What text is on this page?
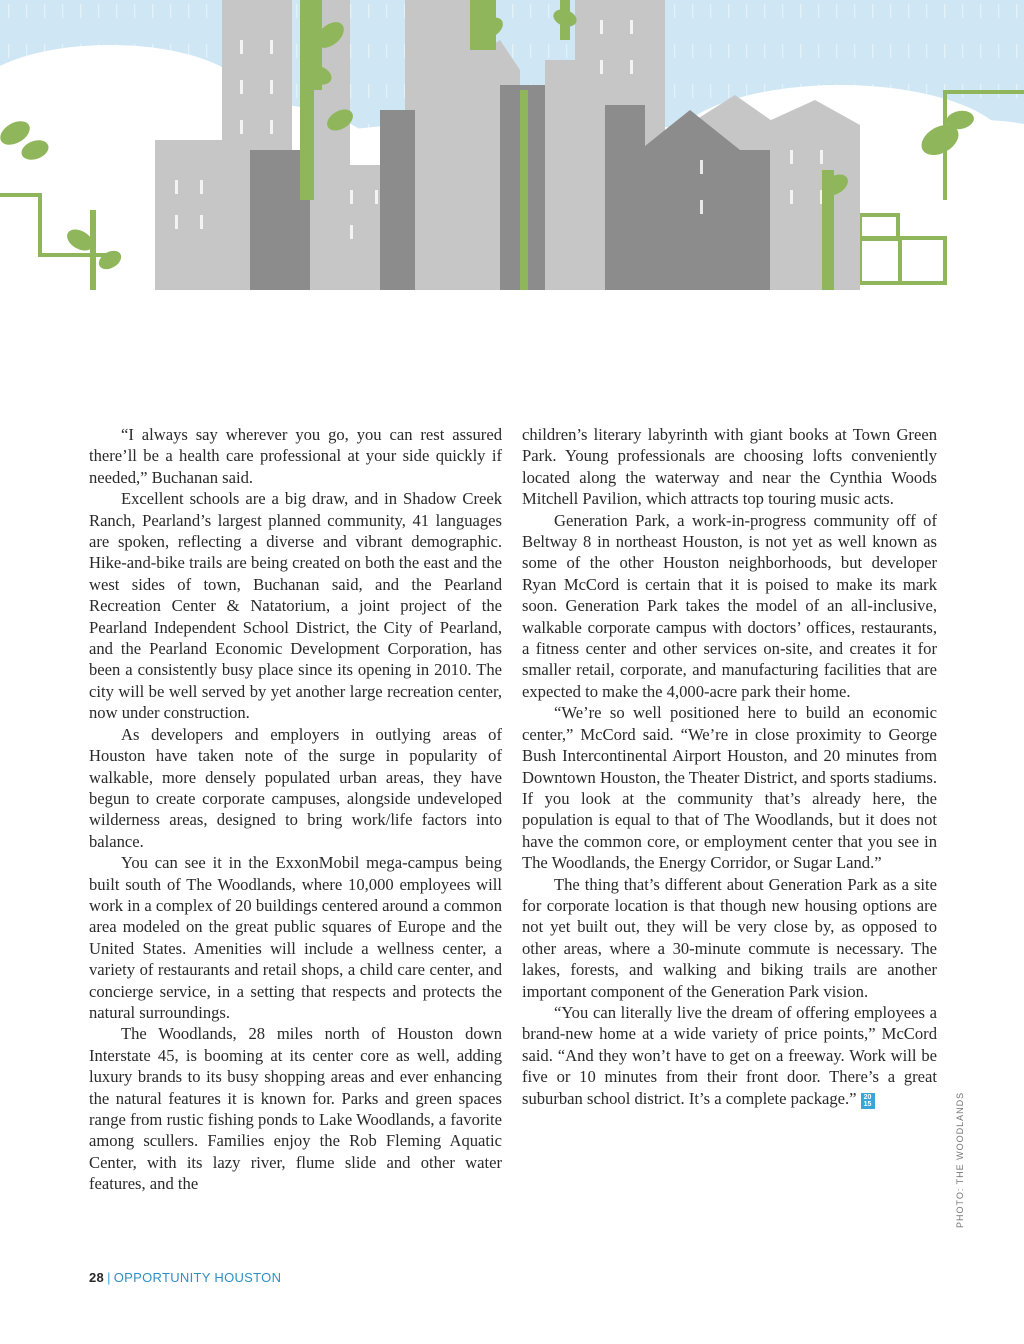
“I always say wherever you go, you can rest assured there’ll be a health care professional at your side quickly if needed,” Buchanan said.

Excellent schools are a big draw, and in Shadow Creek Ranch, Pearland’s largest planned community, 41 languages are spoken, reflecting a diverse and vibrant demographic. Hike-and-bike trails are being created on both the east and the west sides of town, Buchanan said, and the Pearland Recreation Center & Natatorium, a joint project of the Pearland Independent School District, the City of Pearland, and the Pearland Economic Development Corporation, has been a consistently busy place since its opening in 2010. The city will be well served by yet another large recreation center, now under construction.

As developers and employers in outlying areas of Houston have taken note of the surge in popularity of walkable, more densely populated urban areas, they have begun to create corporate campuses, alongside undeveloped wilderness areas, designed to bring work/life factors into balance.

You can see it in the ExxonMobil mega-campus being built south of The Woodlands, where 10,000 employees will work in a complex of 20 buildings centered around a common area modeled on the great public squares of Europe and the United States. Amenities will include a wellness center, a variety of restaurants and retail shops, a child care center, and concierge service, in a setting that respects and protects the natural surroundings.

The Woodlands, 28 miles north of Houston down Interstate 45, is booming at its center core as well, adding luxury brands to its busy shopping areas and ever enhancing the natural features it is known for. Parks and green spaces range from rustic fishing ponds to Lake Woodlands, a favorite among scullers. Families enjoy the Rob Fleming Aquatic Center, with its lazy river, flume slide and other water features, and the

children’s literary labyrinth with giant books at Town Green Park. Young professionals are choosing lofts conveniently located along the waterway and near the Cynthia Woods Mitchell Pavilion, which attracts top touring music acts.

Generation Park, a work-in-progress community off of Beltway 8 in northeast Houston, is not yet as well known as some of the other Houston neighborhoods, but developer Ryan McCord is certain that it is poised to make its mark soon. Generation Park takes the model of an all-inclusive, walkable corporate campus with doctors’ offices, restaurants, a fitness center and other services on-site, and creates it for smaller retail, corporate, and manufacturing facilities that are expected to make the 4,000-acre park their home.

“We’re so well positioned here to build an economic center,” McCord said. “We’re in close proximity to George Bush Intercontinental Airport Houston, and 20 minutes from Downtown Houston, the Theater District, and sports stadiums. If you look at the community that’s already here, the population is equal to that of The Woodlands, but it does not have the common core, or employment center that you see in The Woodlands, the Energy Corridor, or Sugar Land.”

The thing that’s different about Generation Park as a site for corporate location is that though new housing options are not yet built out, they will be very close by, as opposed to other areas, where a 30-minute commute is necessary. The lakes, forests, and walking and biking trails are another important component of the Generation Park vision.

“You can literally live the dream of offering employees a brand-new home at a wide variety of price points,” McCord said. “And they won’t have to get on a freeway. Work will be five or 10 minutes from their front door. There’s a great suburban school district. It’s a complete package.”	20
15

28 | OPPORTUNITY HOUSTON
PHOTO: THE WOODLANDS
